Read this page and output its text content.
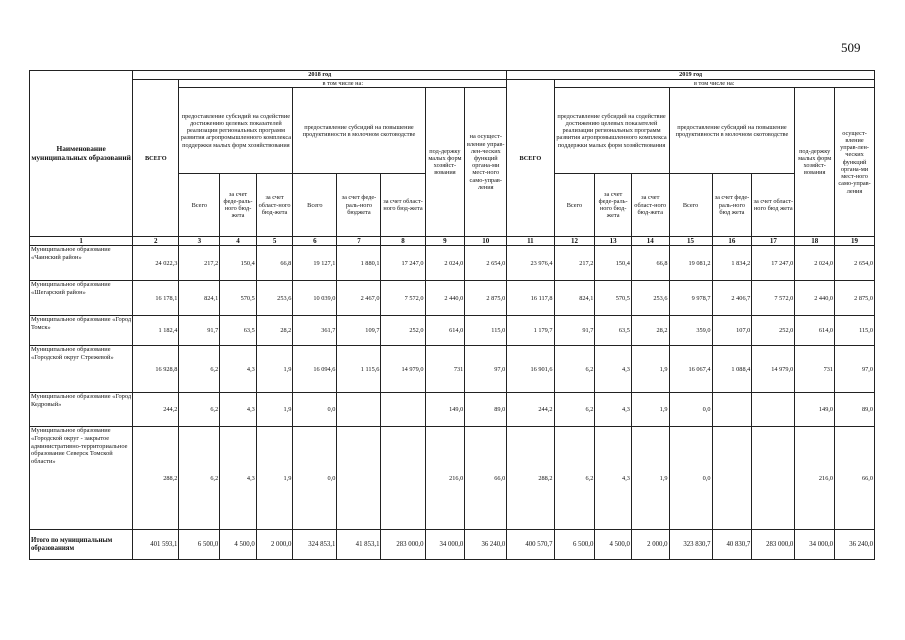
509
Наименование муниципальных образований	2018 год									2019 год								
	ВСЕГО	в том числе на:								ВСЕГО	в том числе на:							
		предоставление субсидий на содействие достижению целевых показателей реализации региональных программ развития агропромышленного комплекса поддержки малых форм хозяйствования			предоставление субсидий на повышение продуктивности в молочном скотоводстве			под-держку малых форм хозяйст-вования	на осущест-вление управ-лен-ческих функций органа-ми мест-ного само-управ-ления		предоставление субсидий на содействие достижению целевых показателей реализации региональных программ развития агропромышленного комплекса поддержки малых форм хозяйствования			предоставление субсидий на повышение продуктивности в молочном скотоводстве			под-держку малых форм хозяйст-вования	осущест-вление управ-лен-ческих функций органа-ми мест-ного само-управ-ления
		Всего	за счет феде-раль-ного бюд-жета	за счет област-ного бюд-жета	Всего	за счет феде-раль-ного бюджета	за счет област-ного бюд-жета				Всего	за счет феде-раль-ного бюд-жета	за счет област-ного бюд-жета	Всего	за счет феде-раль-ного бюд жета	за счет област-ного бюд жета		
1	2	3	4	5	6	7	8	9	10	11	12	13	14	15	16	17	18	19
Муниципальное образование «Чаинский район»	24 022,3	217,2	150,4	66,8	19 127,1	1 880,1	17 247,0	2 024,0	2 654,0	23 976,4	217,2	150,4	66,8	19 081,2	1 834,2	17 247,0	2 024,0	2 654,0
Муниципальное образование «Шегарский район»	16 178,1	824,1	570,5	253,6	10 039,0	2 467,0	7 572,0	2 440,0	2 875,0	16 117,8	824,1	570,5	253,6	9 978,7	2 406,7	7 572,0	2 440,0	2 875,0
Муниципальное образование «Город Томск»	1 182,4	91,7	63,5	28,2	361,7	109,7	252,0	614,0	115,0	1 179,7	91,7	63,5	28,2	359,0	107,0	252,0	614,0	115,0
Муниципальное образование «Городской округ Стрежевой»	16 928,8	6,2	4,3	1,9	16 094,6	1 115,6	14 979,0	731	97,0	16 901,6	6,2	4,3	1,9	16 067,4	1 088,4	14 979,0	731	97,0
Муниципальное образование «Город Кедровый»	244,2	6,2	4,3	1,9	0,0			149,0	89,0	244,2	6,2	4,3	1,9	0,0			149,0	89,0
Муниципальное образование «Городской округ - закрытое административно-территориальное образование Северск Томской области»	288,2	6,2	4,3	1,9	0,0			216,0	66,0	288,2	6,2	4,3	1,9	0,0			216,0	66,0
Итого по муниципальным образованиям	401 593,1	6 500,0	4 500,0	2 000,0	324 853,1	41 853,1	283 000,0	34 000,0	36 240,0	400 570,7	6 500,0	4 500,0	2 000,0	323 830,7	40 830,7	283 000,0	34 000,0	36 240,0
